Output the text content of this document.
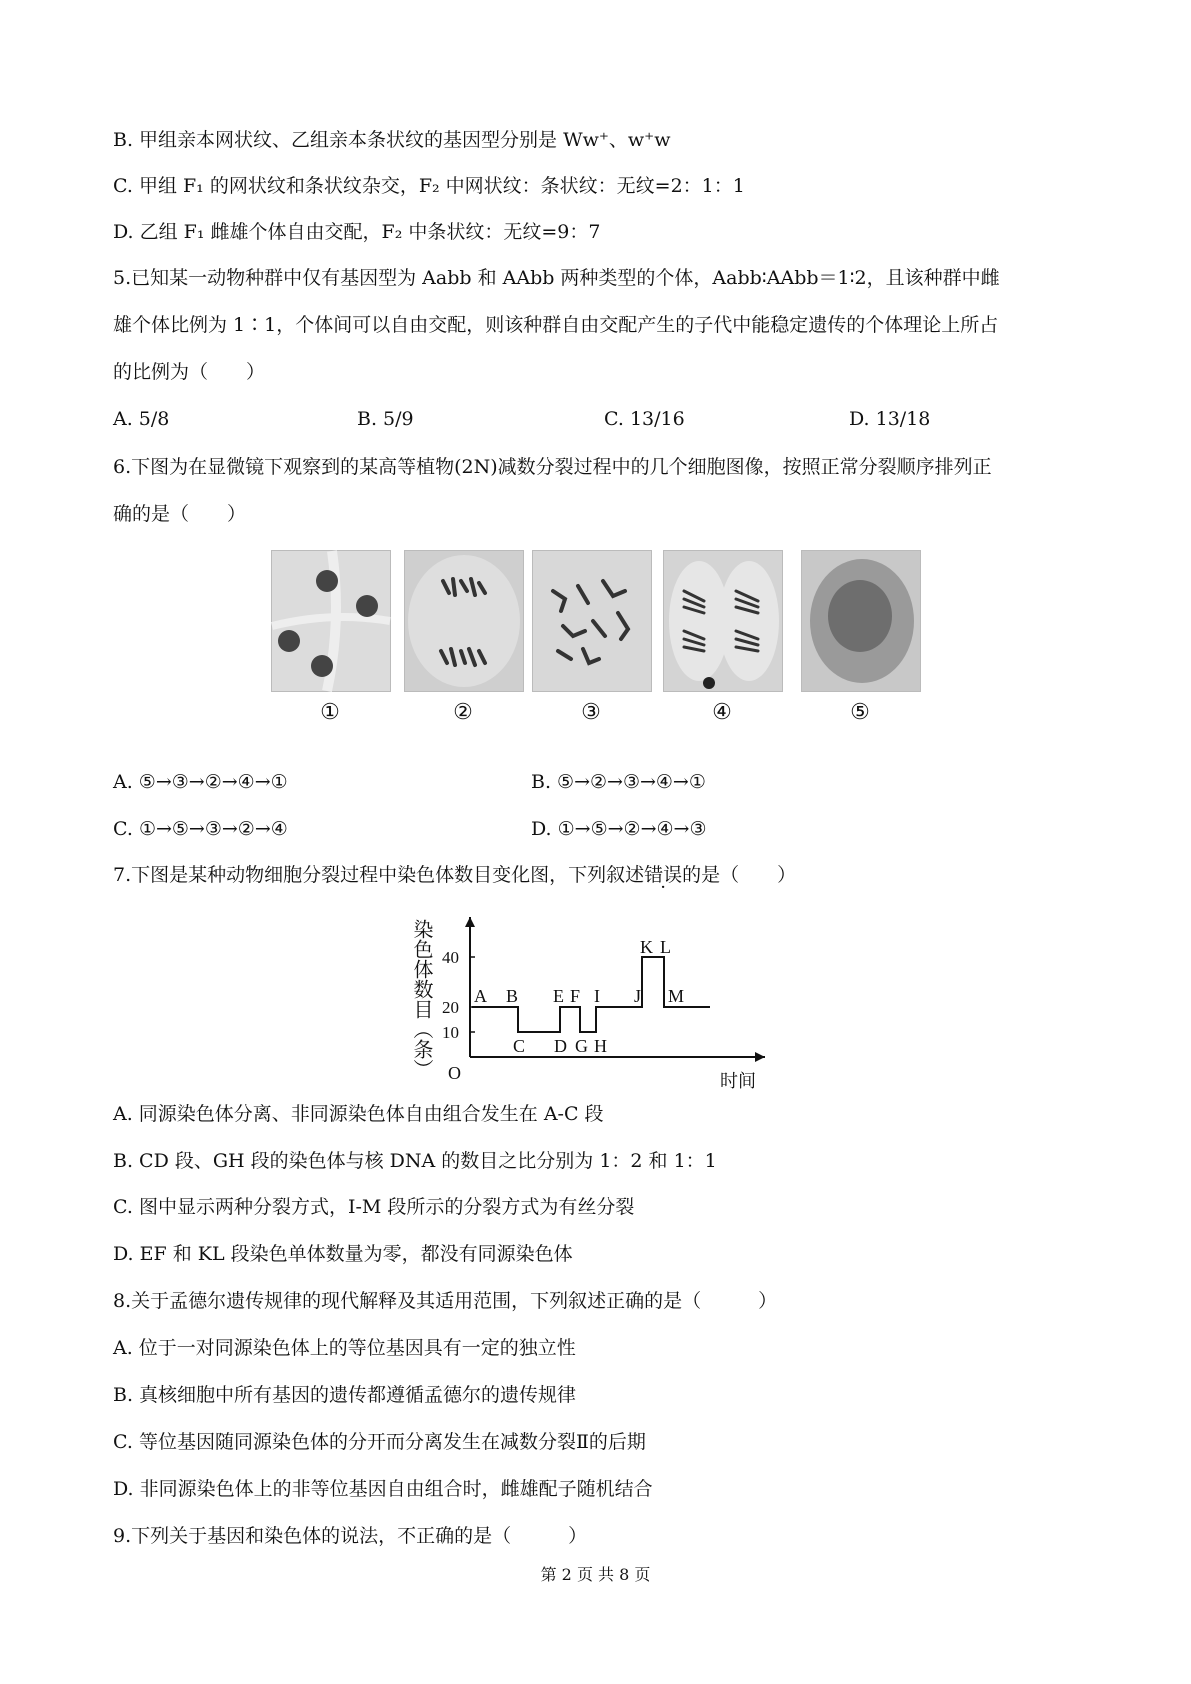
B. 甲组亲本网状纹、乙组亲本条状纹的基因型分别是 Ww⁺、w⁺w
C. 甲组 F₁ 的网状纹和条状纹杂交，F₂ 中网状纹：条状纹：无纹=2：1：1
D. 乙组 F₁ 雌雄个体自由交配，F₂ 中条状纹：无纹=9：7
5.已知某一动物种群中仅有基因型为 Aabb 和 AAbb 两种类型的个体，Aabb∶AAbb＝1∶2，且该种群中雌
雄个体比例为 1∶1，个体间可以自由交配，则该种群自由交配产生的子代中能稳定遗传的个体理论上所占
的比例为（　　）
A. 5/8	B. 5/9	C. 13/16	D. 13/18
6.下图为在显微镜下观察到的某高等植物(2N)减数分裂过程中的几个细胞图像，按照正常分裂顺序排列正
确的是（　　）
①	②	③	④	⑤
A. ⑤→③→②→④→①	B. ⑤→②→③→④→①
C. ①→⑤→③→②→④	D. ①→⑤→②→④→③
7.下图是某种动物细胞分裂过程中染色体数目变化图，下列叙述错误的是（　　）
10
20
40
O
染色体数目（条）
时间
A B
C D
E F
G H
I J
K L
M
A. 同源染色体分离、非同源染色体自由组合发生在 A-C 段
B. CD 段、GH 段的染色体与核 DNA 的数目之比分别为 1：2 和 1：1
C. 图中显示两种分裂方式，I-M 段所示的分裂方式为有丝分裂
D. EF 和 KL 段染色单体数量为零，都没有同源染色体
8.关于孟德尔遗传规律的现代解释及其适用范围，下列叙述正确的是（　　　）
A. 位于一对同源染色体上的等位基因具有一定的独立性
B. 真核细胞中所有基因的遗传都遵循孟德尔的遗传规律
C. 等位基因随同源染色体的分开而分离发生在减数分裂Ⅱ的后期
D. 非同源染色体上的非等位基因自由组合时，雌雄配子随机结合
9.下列关于基因和染色体的说法，不正确的是（　　　）
第 2 页 共 8 页
